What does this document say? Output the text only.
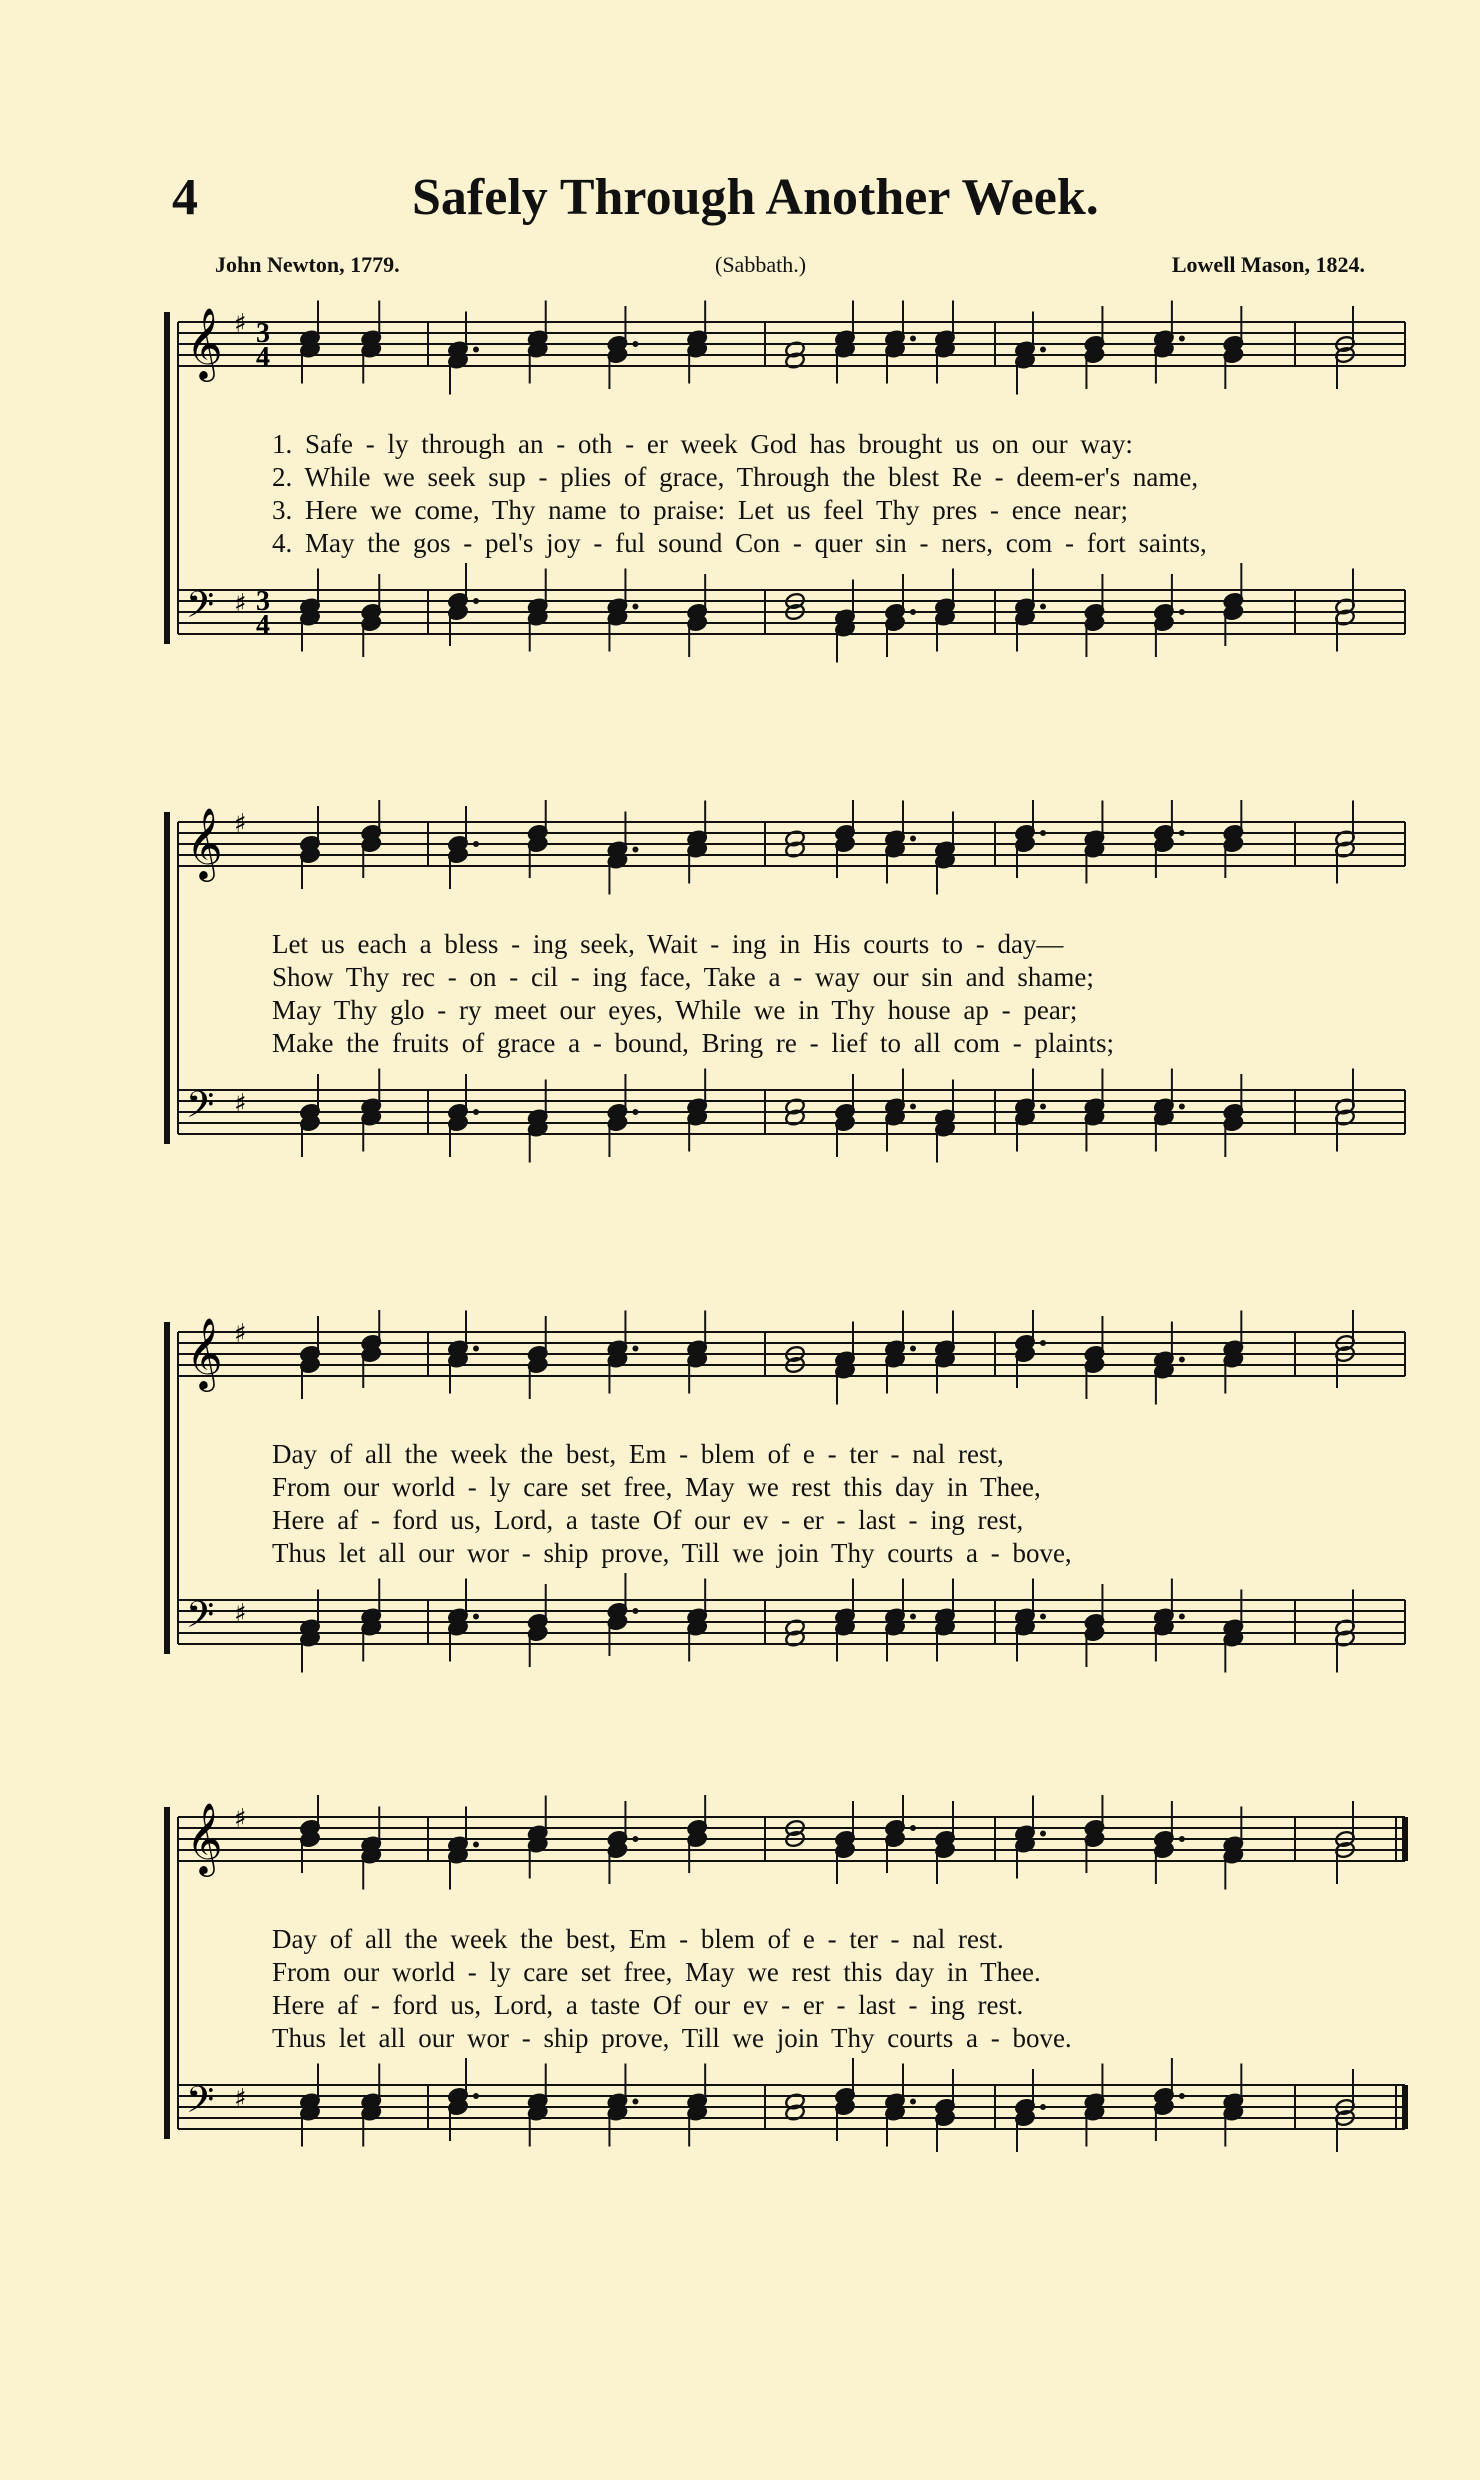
4	Safely Through Another Week.
John Newton, 1779.	(Sabbath.)	Lowell Mason, 1824.
𝄞 ♯ 3
4
𝄢 ♯ 3
4
1. Safe - ly through an - oth - er week God has brought us on our way:
2. While we seek sup - plies of grace, Through the blest Re - deem-er's name,
3. Here we come, Thy name to praise: Let us feel Thy pres - ence near;
4. May the gos - pel's joy - ful sound Con - quer sin - ners, com - fort saints,
𝄞 ♯
𝄢 ♯
Let us each a bless - ing seek, Wait - ing in His courts to - day—
Show Thy rec - on - cil - ing face, Take a - way our sin and shame;
May Thy glo - ry meet our eyes, While we in Thy house ap - pear;
Make the fruits of grace a - bound, Bring re - lief to all com - plaints;
𝄞 ♯
𝄢 ♯
Day of all the week the best, Em - blem of e - ter - nal rest,
From our world - ly care set free, May we rest this day in Thee,
Here af - ford us, Lord, a taste Of our ev - er - last - ing rest,
Thus let all our wor - ship prove, Till we join Thy courts a - bove,
𝄞 ♯
𝄢 ♯
Day of all the week the best, Em - blem of e - ter - nal rest.
From our world - ly care set free, May we rest this day in Thee.
Here af - ford us, Lord, a taste Of our ev - er - last - ing rest.
Thus let all our wor - ship prove, Till we join Thy courts a - bove.
